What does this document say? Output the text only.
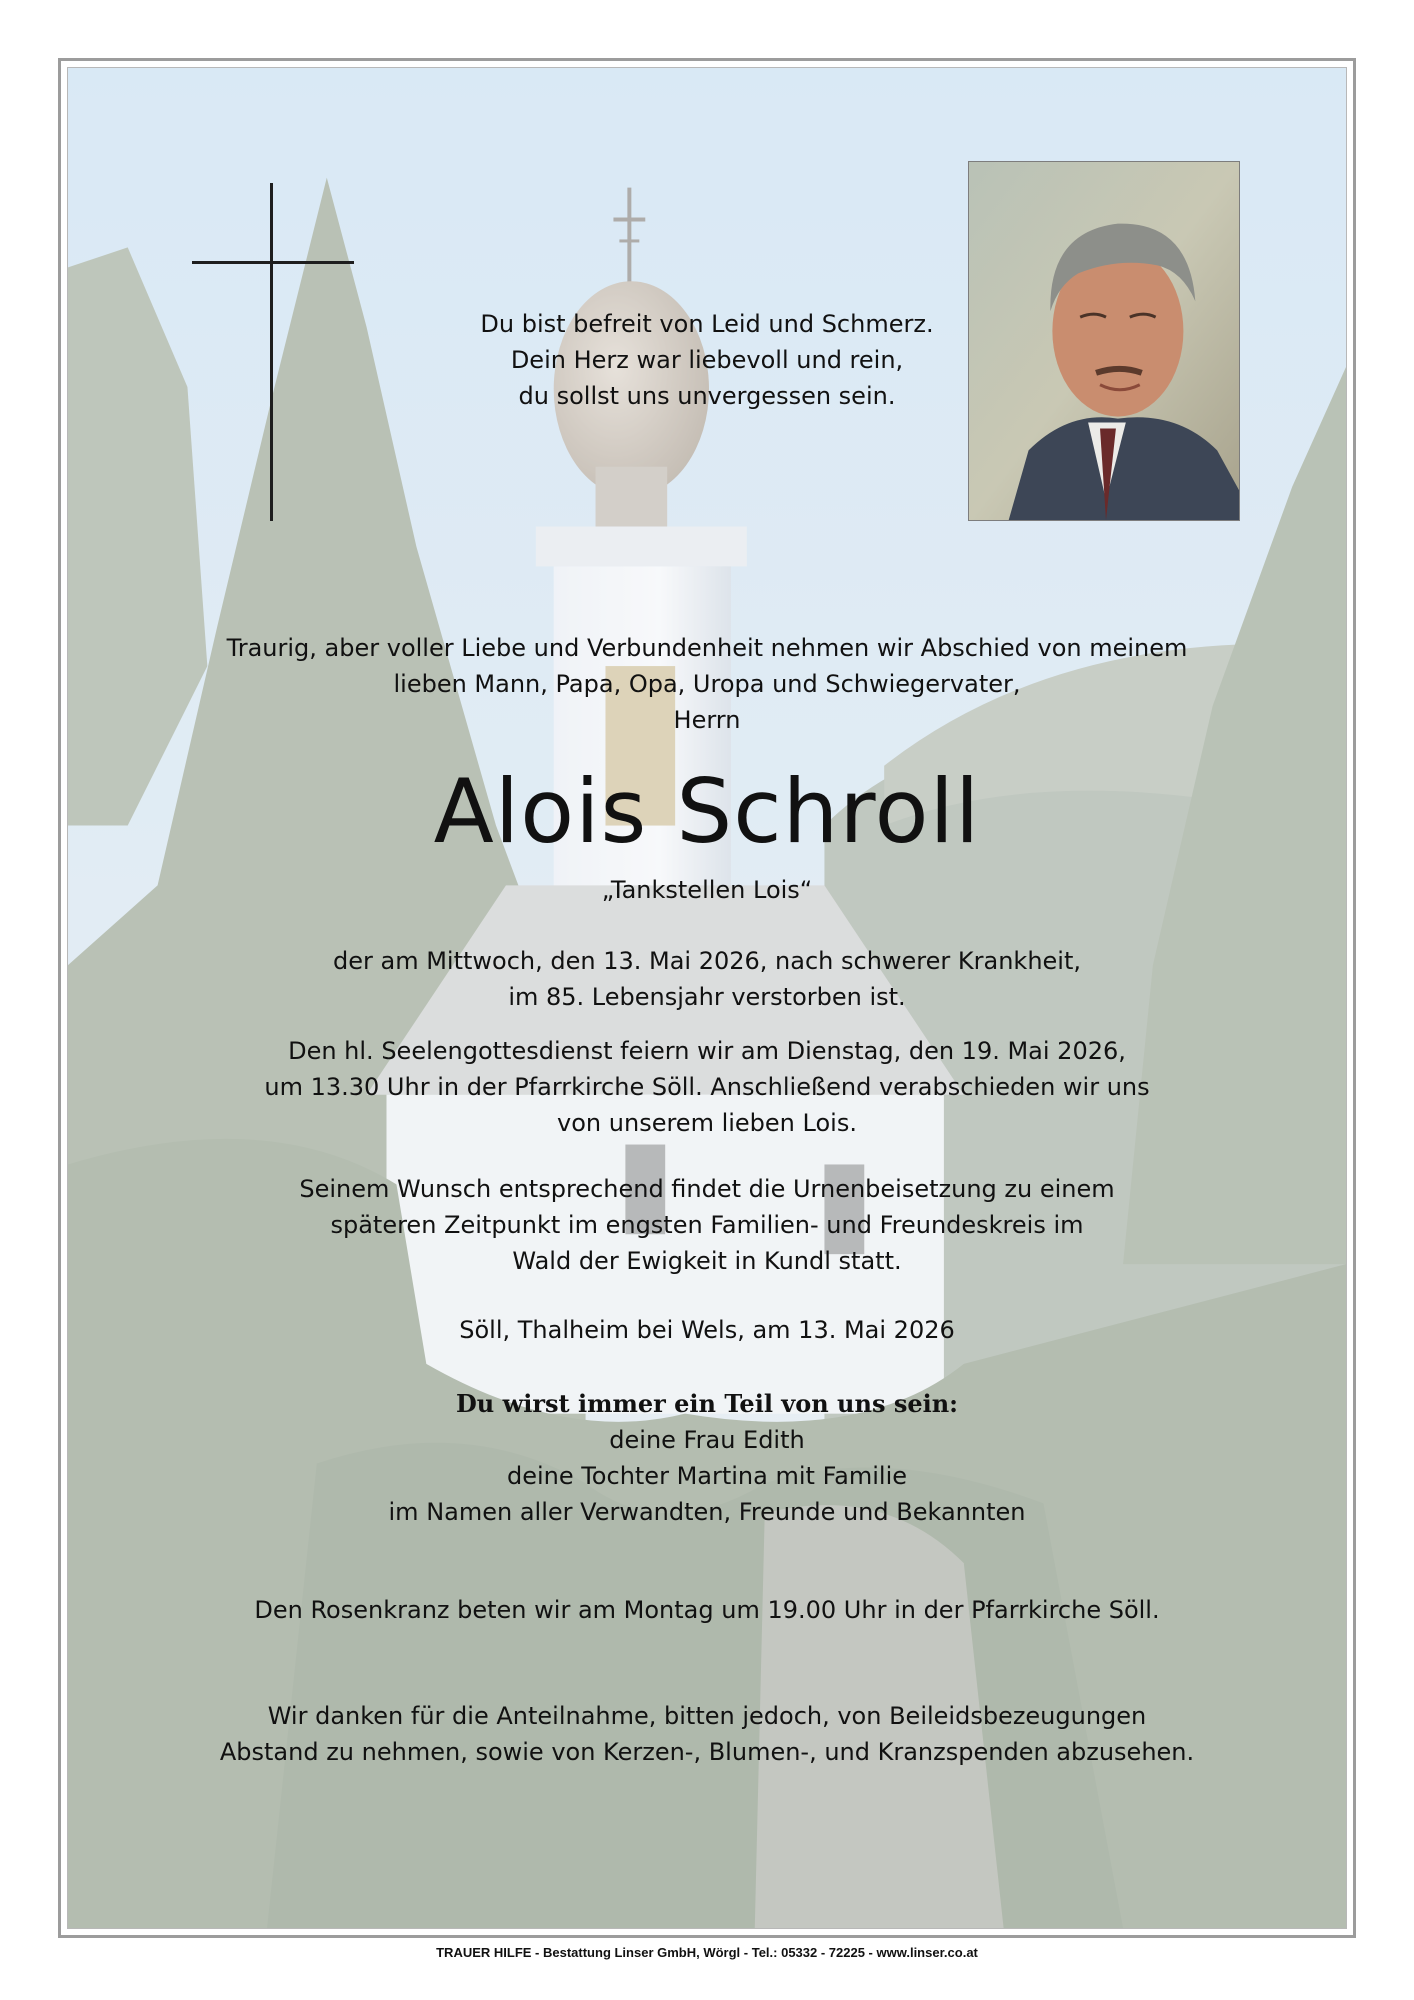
Du bist befreit von Leid und Schmerz.
Dein Herz war liebevoll und rein,
du sollst uns unvergessen sein.
Traurig, aber voller Liebe und Verbundenheit nehmen wir Abschied von meinem
lieben Mann, Papa, Opa, Uropa und Schwiegervater,
Herrn
Alois Schroll
„Tankstellen Lois“
der am Mittwoch, den 13. Mai 2026, nach schwerer Krankheit,
im 85. Lebensjahr verstorben ist.
Den hl. Seelengottesdienst feiern wir am Dienstag, den 19. Mai 2026,
um 13.30 Uhr in der Pfarrkirche Söll. Anschließend verabschieden wir uns
von unserem lieben Lois.
Seinem Wunsch entsprechend findet die Urnenbeisetzung zu einem
späteren Zeitpunkt im engsten Familien- und Freundeskreis im
Wald der Ewigkeit in Kundl statt.
Söll, Thalheim bei Wels, am 13. Mai 2026
Du wirst immer ein Teil von uns sein:
deine Frau Edith
deine Tochter Martina mit Familie
im Namen aller Verwandten, Freunde und Bekannten
Den Rosenkranz beten wir am Montag um 19.00 Uhr in der Pfarrkirche Söll.
Wir danken für die Anteilnahme, bitten jedoch, von Beileidsbezeugungen
Abstand zu nehmen, sowie von Kerzen-, Blumen-, und Kranzspenden abzusehen.
TRAUER HILFE - Bestattung Linser GmbH, Wörgl - Tel.: 05332 - 72225 - www.linser.co.at
